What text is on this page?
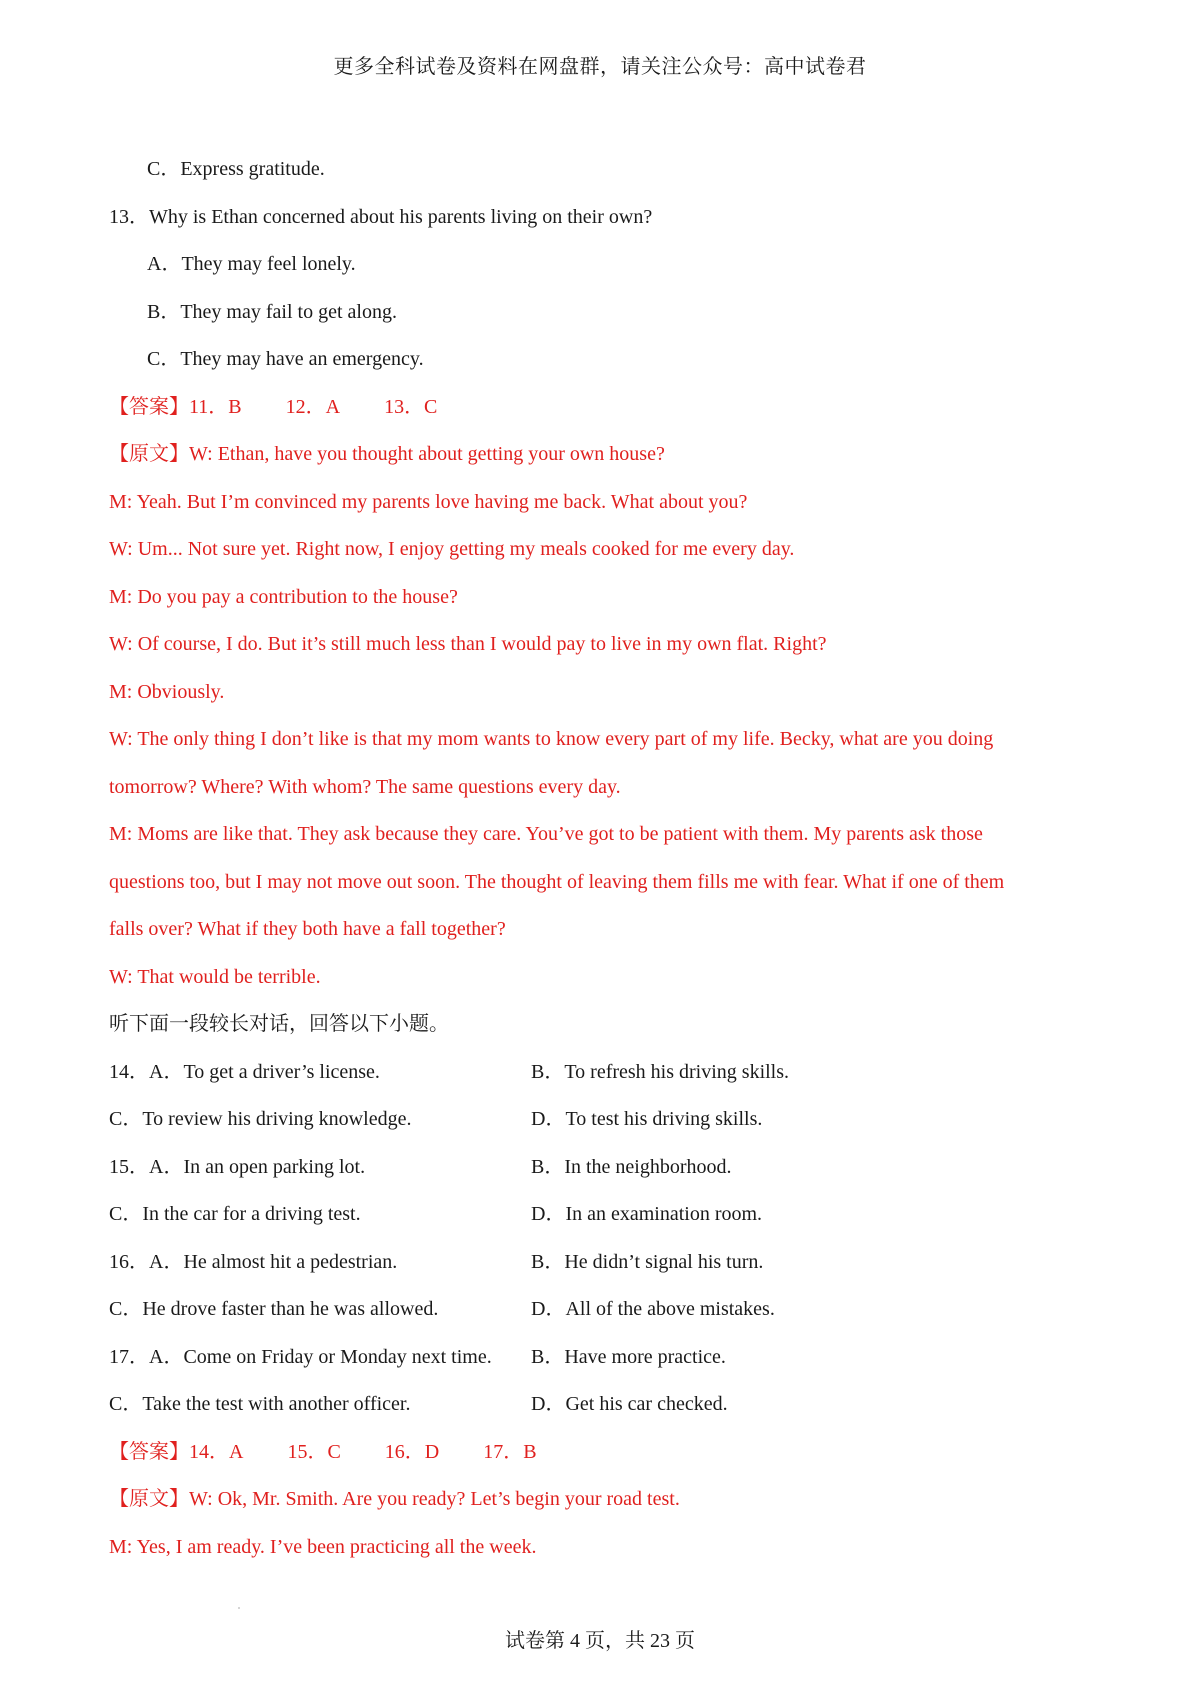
更多全科试卷及资料在网盘群，请关注公众号：高中试卷君
C．Express gratitude.
13．Why is Ethan concerned about his parents living on their own?
A．They may feel lonely.
B．They may fail to get along.
C．They may have an emergency.
【答案】11．B 12．A 13．C
【原文】W: Ethan, have you thought about getting your own house?
M: Yeah. But I’m convinced my parents love having me back. What about you?
W: Um... Not sure yet. Right now, I enjoy getting my meals cooked for me every day.
M: Do you pay a contribution to the house?
W: Of course, I do. But it’s still much less than I would pay to live in my own flat. Right?
M: Obviously.
W: The only thing I don’t like is that my mom wants to know every part of my life. Becky, what are you doing
tomorrow? Where? With whom? The same questions every day.
M: Moms are like that. They ask because they care. You’ve got to be patient with them. My parents ask those
questions too, but I may not move out soon. The thought of leaving them fills me with fear. What if one of them
falls over? What if they both have a fall together?
W: That would be terrible.
听下面一段较长对话，回答以下小题。
14．A．To get a driver’s license.	B．To refresh his driving skills.
C．To review his driving knowledge.	D．To test his driving skills.
15．A．In an open parking lot.	B．In the neighborhood.
C．In the car for a driving test.	D．In an examination room.
16．A．He almost hit a pedestrian.	B．He didn’t signal his turn.
C．He drove faster than he was allowed.	D．All of the above mistakes.
17．A．Come on Friday or Monday next time.	B．Have more practice.
C．Take the test with another officer.	D．Get his car checked.
【答案】14．A 15．C 16．D 17．B
【原文】W: Ok, Mr. Smith. Are you ready? Let’s begin your road test.
M: Yes, I am ready. I’ve been practicing all the week.
试卷第 4 页，共 23 页
